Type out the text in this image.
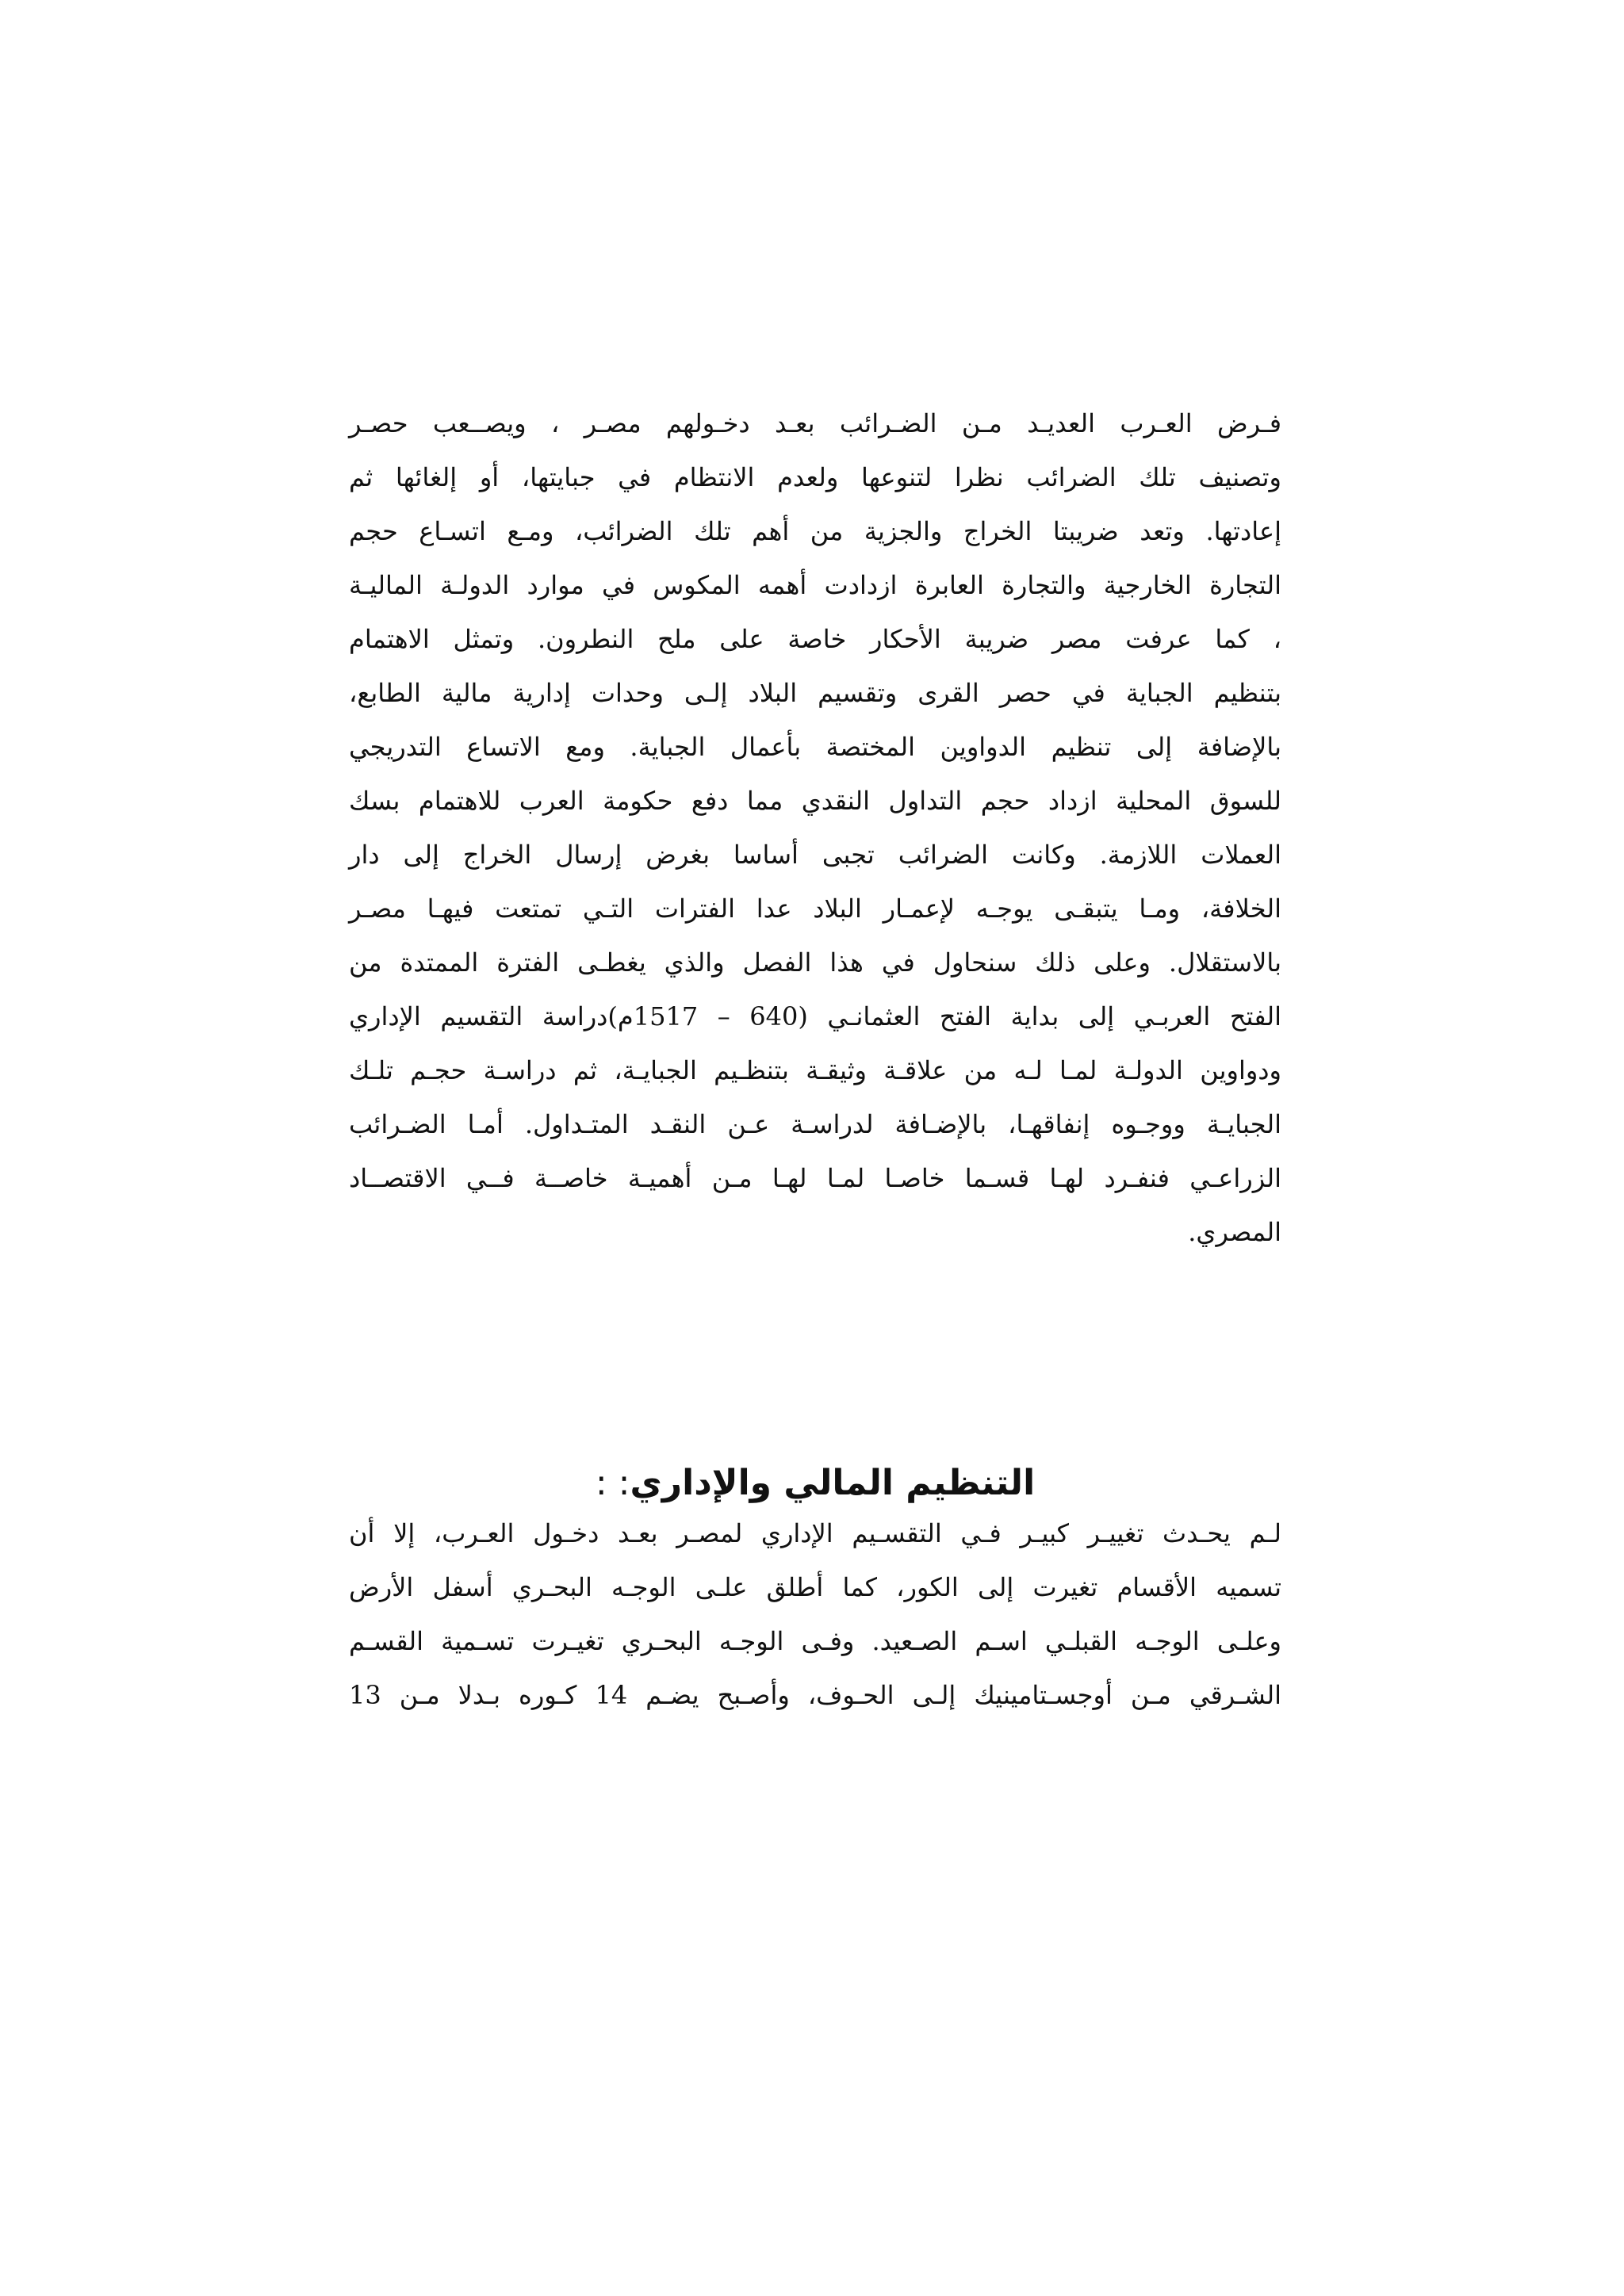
فـرض العـرب العديـد مـن الضـرائب بعـد دخـولهم مصـر ، ويصــعب حصـر
وتصنيف تلك الضرائب نظرا لتنوعها ولعدم الانتظام في جبايتها، أو إلغائها ثم
إعادتها. وتعد ضريبتا الخراج والجزية من أهم تلك الضرائب، ومـع اتسـاع حجم
التجارة الخارجية والتجارة العابرة ازدادت أهمه المكوس في موارد الدولـة الماليـة
، كما عرفت مصر ضريبة الأحكار خاصة على ملح النطرون. وتمثل الاهتمام
بتنظيم الجباية في حصر القرى وتقسيم البلاد إلـى وحدات إدارية مالية الطابع،
بالإضافة إلى تنظيم الدواوين المختصة بأعمال الجباية. ومع الاتساع التدريجي
للسوق المحلية ازداد حجم التداول النقدي مما دفع حكومة العرب للاهتمام بسك
العملات اللازمة. وكانت الضرائب تجبى أساسا بغرض إرسال الخراج إلى دار
الخلافة، ومـا يتبقـى يوجـه لإعمـار البلاد عدا الفترات التـي تمتعت فيهـا مصـر
بالاستقلال. وعلى ذلك سنحاول في هذا الفصل والذي يغطـى الفترة الممتدة من
الفتح العربـي إلى بداية الفتح العثمانـي (640 – 1517م)دراسة التقسيم الإداري
ودواوين الدولـة لمـا لـه من علاقـة وثيقـة بتنظـيم الجبايـة، ثم دراسـة حجـم تلـك
الجبايـة ووجـوه إنفاقهـا، بالإضـافة لدراسـة عـن النقـد المتـداول. أمـا الضـرائب
الزراعـي فنفـرد لهـا قسـما خاصـا لمـا لهـا مـن أهميـة خاصــة فــي الاقتصــاد
المصري.
التنظيم المالي والإداري: :
لـم يحـدث تغييـر كبيـر فـي التقسـيم الإداري لمصـر بعـد دخـول العـرب، إلا أن
تسميه الأقسام تغيرت إلى الكور، كما أطلق علـى الوجـه البحـري أسفل الأرض
وعلـى الوجـه القبلـي اسـم الصـعيد. وفـى الوجـه البحـري تغيـرت تسـمية القسـم
الشـرقي مـن أوجسـتامينيك إلـى الحـوف، وأصـبح يضـم 14 كـوره بـدلا مـن 13
